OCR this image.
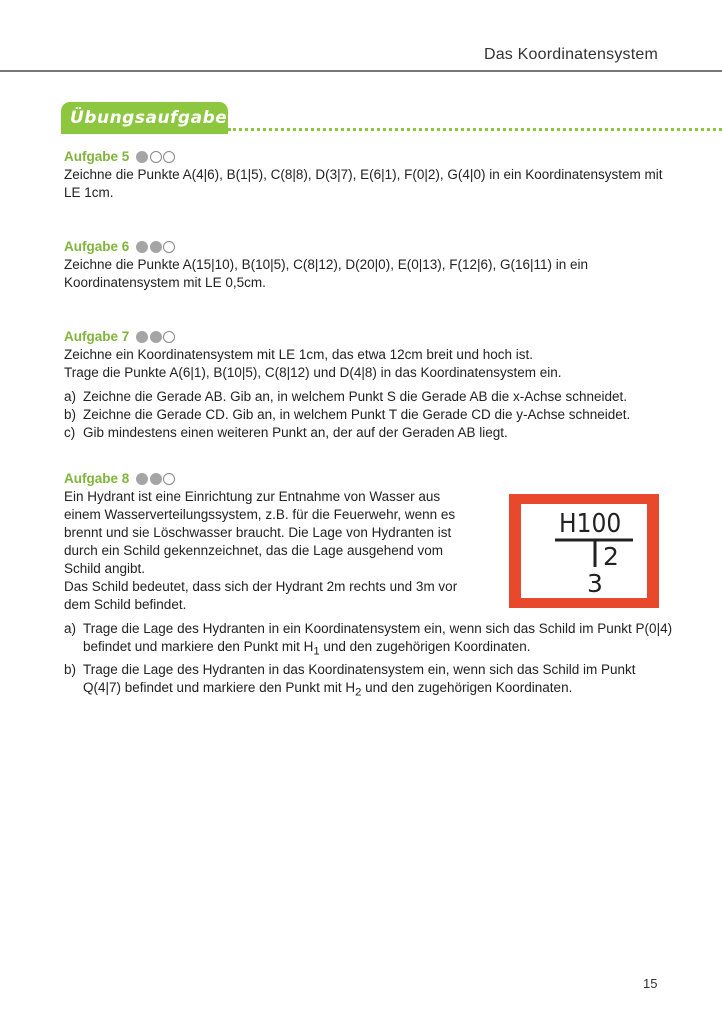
Das Koordinatensystem
Übungsaufgaben
Aufgabe 5

Zeichne die Punkte A(4|6), B(1|5), C(8|8), D(3|7), E(6|1), F(0|2), G(4|0) in ein Koordinatensystem mit LE 1cm.

Aufgabe 6

Zeichne die Punkte A(15|10), B(10|5), C(8|12), D(20|0), E(0|13), F(12|6), G(16|11) in ein Koordinatensystem mit LE 0,5cm.

Aufgabe 7

Zeichne ein Koordinatensystem mit LE 1cm, das etwa 12cm breit und hoch ist.

Trage die Punkte A(6|1), B(10|5), C(8|12) und D(4|8) in das Koordinatensystem ein.

a) Zeichne die Gerade AB. Gib an, in welchem Punkt S die Gerade AB die x-Achse schneidet.
b) Zeichne die Gerade CD. Gib an, in welchem Punkt T die Gerade CD die y-Achse schneidet.
c) Gib mindestens einen weiteren Punkt an, der auf der Geraden AB liegt.
Aufgabe 8

Ein Hydrant ist eine Einrichtung zur Entnahme von Wasser aus einem Wasserverteilungssystem, z.B. für die Feuerwehr, wenn es brennt und sie Löschwasser braucht. Die Lage von Hydranten ist durch ein Schild gekennzeichnet, das die Lage ausgehend vom Schild angibt.

Das Schild bedeutet, dass sich der Hydrant 2m rechts und 3m vor dem Schild befindet.

a) Trage die Lage des Hydranten in ein Koordinatensystem ein, wenn sich das Schild im Punkt P(0|4) befindet und markiere den Punkt mit $H_1$ und den zugehörigen Koordinaten.
b) Trage die Lage des Hydranten in das Koordinatensystem ein, wenn sich das Schild im Punkt Q(4|7) befindet und markiere den Punkt mit $H_2$ und den zugehörigen Koordinaten.
H100
2
3
15
